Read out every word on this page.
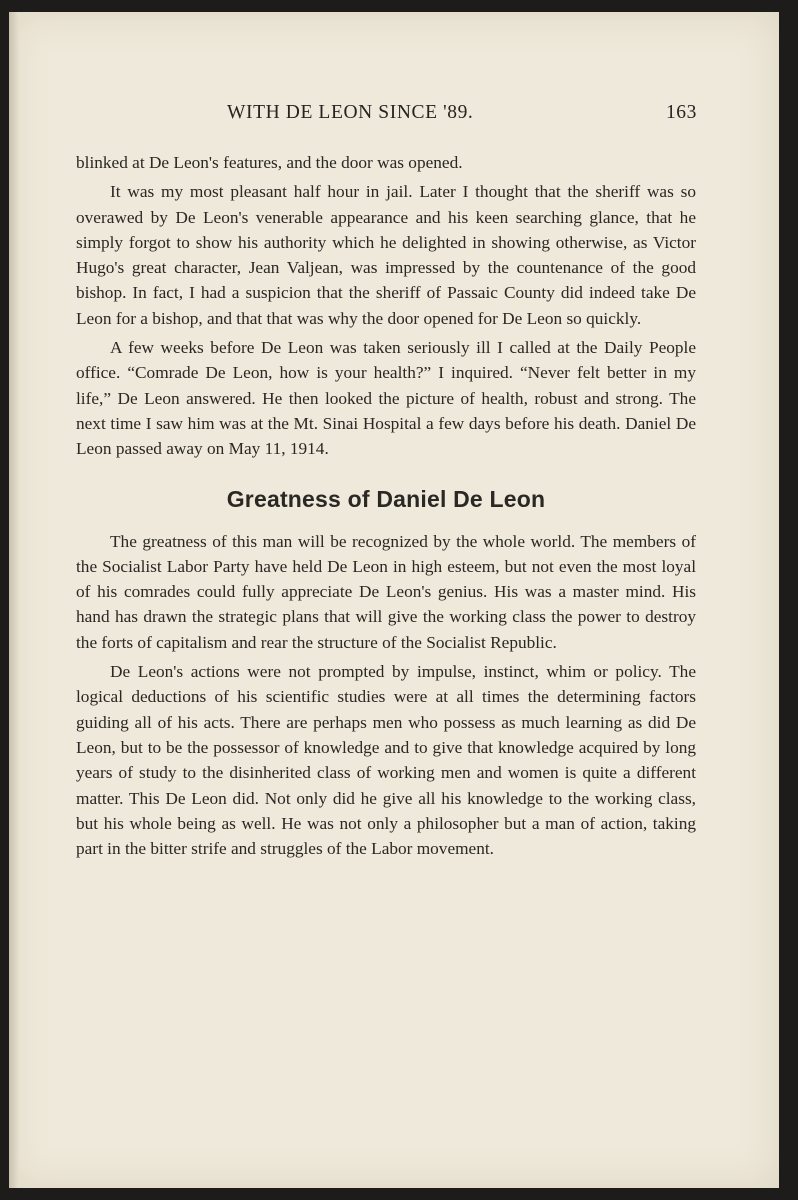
WITH DE LEON SINCE '89.	163

blinked at De Leon's features, and the door was opened.

It was my most pleasant half hour in jail. Later I thought that the sheriff was so overawed by De Leon's venerable appearance and his keen searching glance, that he simply forgot to show his authority which he delighted in showing otherwise, as Victor Hugo's great character, Jean Valjean, was impressed by the countenance of the good bishop. In fact, I had a suspicion that the sheriff of Passaic County did indeed take De Leon for a bishop, and that that was why the door opened for De Leon so quickly.

A few weeks before De Leon was taken seriously ill I called at the Daily People office. “Comrade De Leon, how is your health?” I inquired. “Never felt better in my life,” De Leon answered. He then looked the picture of health, robust and strong. The next time I saw him was at the Mt. Sinai Hospital a few days before his death. Daniel De Leon passed away on May 11, 1914.

Greatness of Daniel De Leon

The greatness of this man will be recognized by the whole world. The members of the Socialist Labor Party have held De Leon in high esteem, but not even the most loyal of his comrades could fully appreciate De Leon's genius. His was a master mind. His hand has drawn the strategic plans that will give the working class the power to destroy the forts of capitalism and rear the structure of the Socialist Republic.

De Leon's actions were not prompted by impulse, instinct, whim or policy. The logical deductions of his scientific studies were at all times the determining factors guiding all of his acts. There are perhaps men who possess as much learning as did De Leon, but to be the possessor of knowledge and to give that knowledge acquired by long years of study to the disinherited class of working men and women is quite a different matter. This De Leon did. Not only did he give all his knowledge to the working class, but his whole being as well. He was not only a philosopher but a man of action, taking part in the bitter strife and struggles of the Labor movement.
